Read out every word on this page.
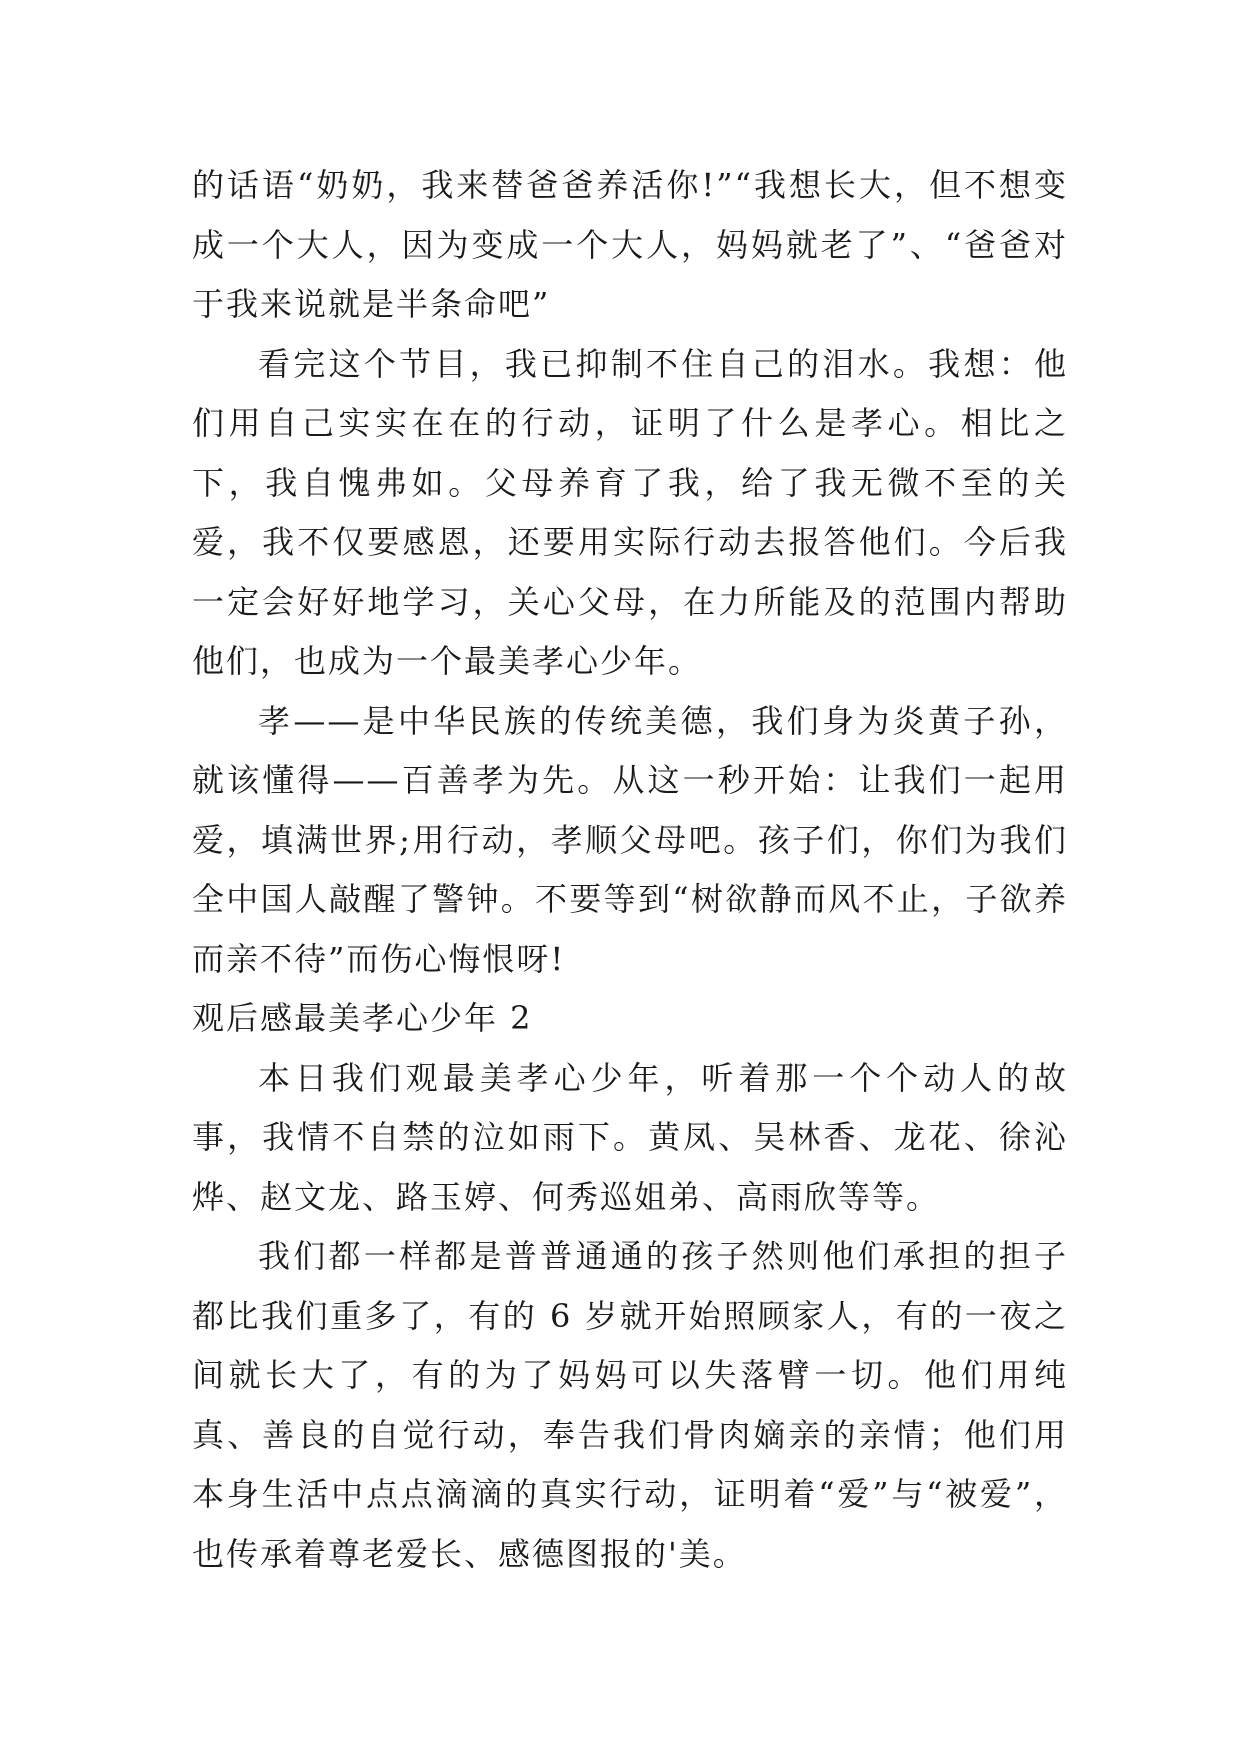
的话语“奶奶，我来替爸爸养活你!”“我想长大，但不想变成一个大人，因为变成一个大人，妈妈就老了”、“爸爸对于我来说就是半条命吧”

看完这个节目，我已抑制不住自己的泪水。我想：他们用自己实实在在的行动，证明了什么是孝心。相比之下，我自愧弗如。父母养育了我，给了我无微不至的关爱，我不仅要感恩，还要用实际行动去报答他们。今后我一定会好好地学习，关心父母，在力所能及的范围内帮助他们，也成为一个最美孝心少年。

孝——是中华民族的传统美德，我们身为炎黄子孙，就该懂得——百善孝为先。从这一秒开始：让我们一起用爱，填满世界;用行动，孝顺父母吧。孩子们，你们为我们全中国人敲醒了警钟。不要等到“树欲静而风不止，子欲养而亲不待”而伤心悔恨呀!

观后感最美孝心少年 2

本日我们观最美孝心少年，听着那一个个动人的故事，我情不自禁的泣如雨下。黄凤、吴林香、龙花、徐沁烨、赵文龙、路玉婷、何秀巡姐弟、高雨欣等等。

我们都一样都是普普通通的孩子然则他们承担的担子都比我们重多了，有的 6 岁就开始照顾家人，有的一夜之间就长大了，有的为了妈妈可以失落臂一切。他们用纯真、善良的自觉行动，奉告我们骨肉嫡亲的亲情；他们用本身生活中点点滴滴的真实行动，证明着“爱”与“被爱”，也传承着尊老爱长、感德图报的'美。
